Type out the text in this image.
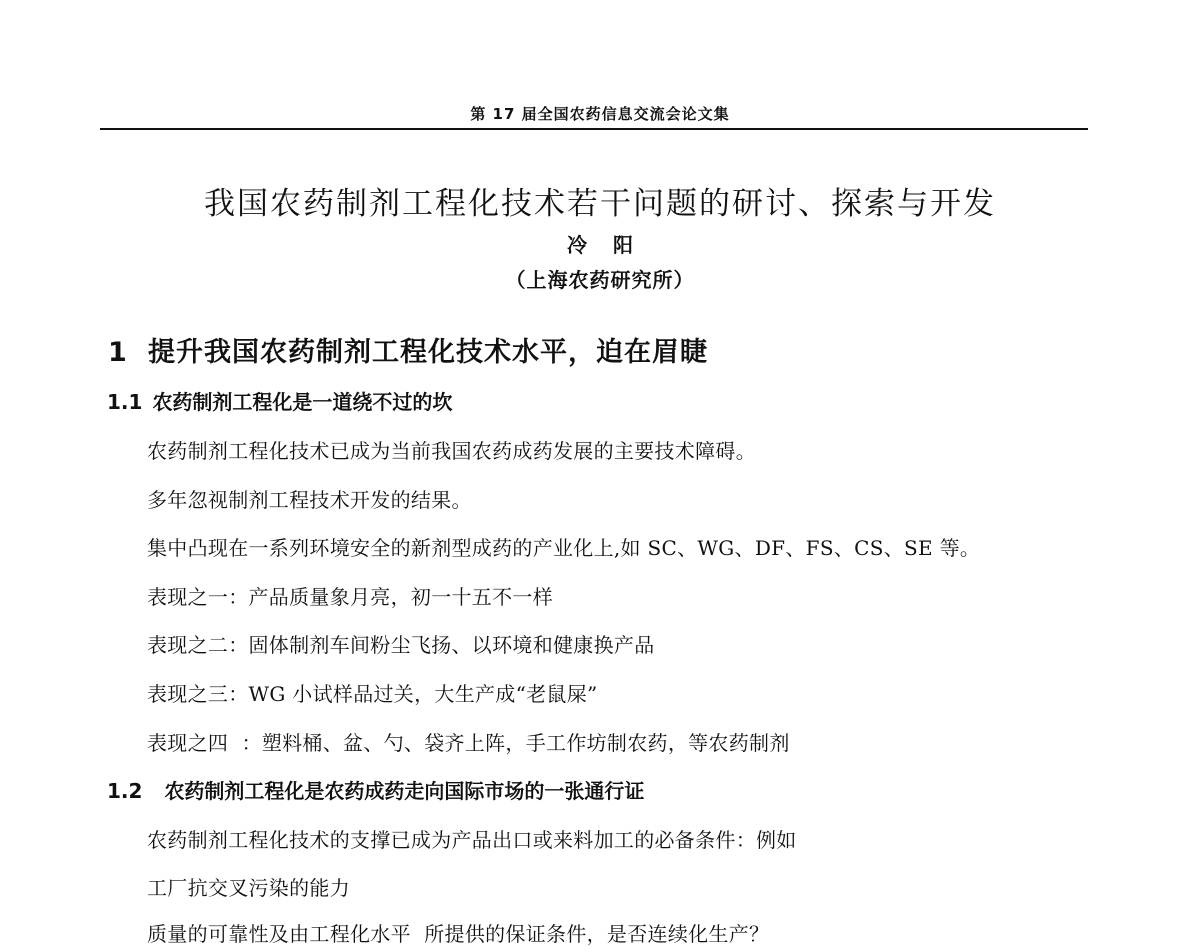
第 17 届全国农药信息交流会论文集
我国农药制剂工程化技术若干问题的研讨、探索与开发
冷阳
（上海农药研究所）
1 提升我国农药制剂工程化技术水平，迫在眉睫
1.1 农药制剂工程化是一道绕不过的坎
农药制剂工程化技术已成为当前我国农药成药发展的主要技术障碍。
多年忽视制剂工程技术开发的结果。
集中凸现在一系列环境安全的新剂型成药的产业化上,如 SC、WG、DF、FS、CS、SE 等。
表现之一：产品质量象月亮，初一十五不一样
表现之二：固体制剂车间粉尘飞扬、以环境和健康换产品
表现之三：WG 小试样品过关，大生产成“老鼠屎”
表现之四  ：塑料桶、盆、勺、袋齐上阵，手工作坊制农药，等农药制剂
1.2 农药制剂工程化是农药成药走向国际市场的一张通行证
农药制剂工程化技术的支撑已成为产品出口或来料加工的必备条件：例如
工厂抗交叉污染的能力
质量的可靠性及由工程化水平  所提供的保证条件，是否连续化生产？
